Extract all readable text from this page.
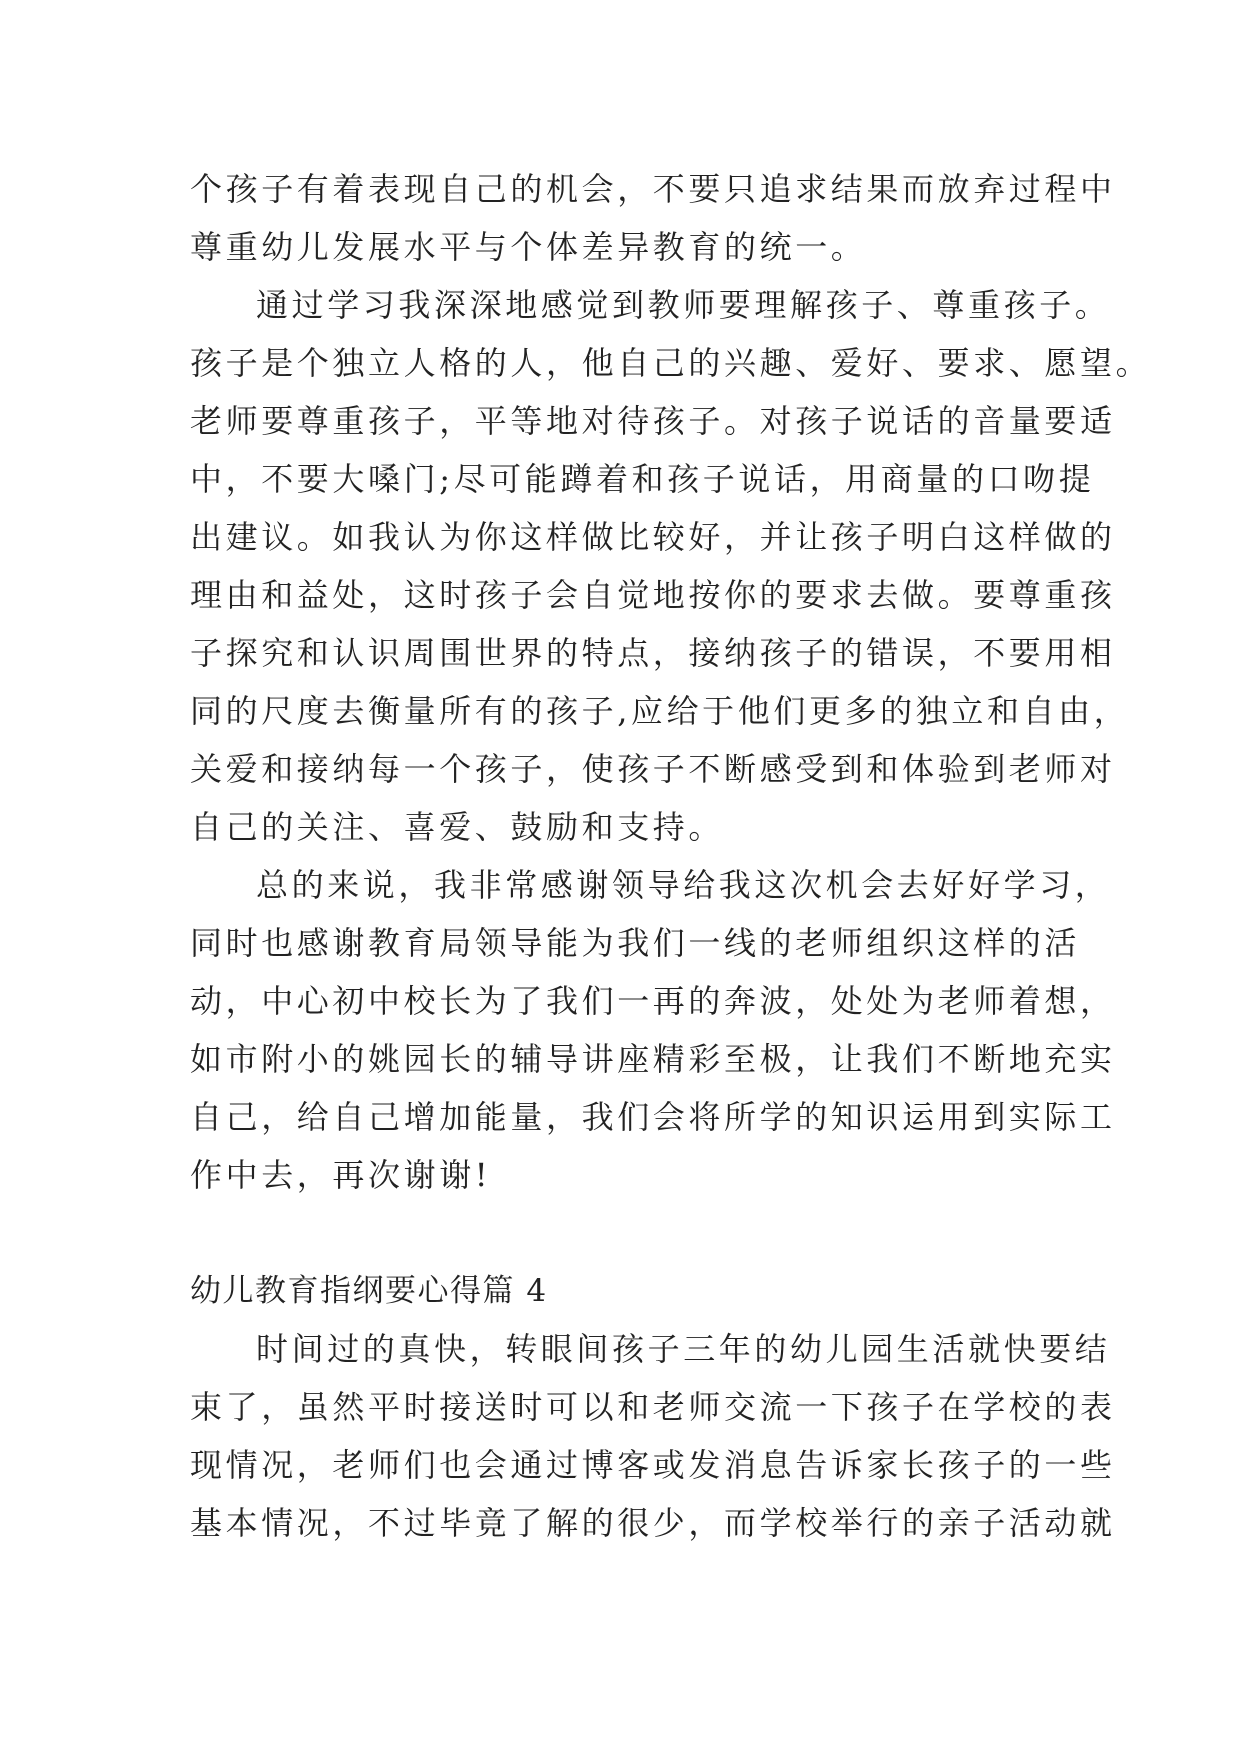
个孩子有着表现自己的机会，不要只追求结果而放弃过程中
尊重幼儿发展水平与个体差异教育的统一。
通过学习我深深地感觉到教师要理解孩子、尊重孩子。
孩子是个独立人格的人，他自己的兴趣、爱好、要求、愿望。
老师要尊重孩子，平等地对待孩子。对孩子说话的音量要适
中，不要大嗓门;尽可能蹲着和孩子说话，用商量的口吻提
出建议。如我认为你这样做比较好，并让孩子明白这样做的
理由和益处，这时孩子会自觉地按你的要求去做。要尊重孩
子探究和认识周围世界的特点，接纳孩子的错误，不要用相
同的尺度去衡量所有的孩子,应给于他们更多的独立和自由，
关爱和接纳每一个孩子，使孩子不断感受到和体验到老师对
自己的关注、喜爱、鼓励和支持。
总的来说，我非常感谢领导给我这次机会去好好学习，
同时也感谢教育局领导能为我们一线的老师组织这样的活
动，中心初中校长为了我们一再的奔波，处处为老师着想，
如市附小的姚园长的辅导讲座精彩至极，让我们不断地充实
自己，给自己增加能量，我们会将所学的知识运用到实际工
作中去，再次谢谢!
幼儿教育指纲要心得篇 4
时间过的真快，转眼间孩子三年的幼儿园生活就快要结
束了，虽然平时接送时可以和老师交流一下孩子在学校的表
现情况，老师们也会通过博客或发消息告诉家长孩子的一些
基本情况，不过毕竟了解的很少，而学校举行的亲子活动就
